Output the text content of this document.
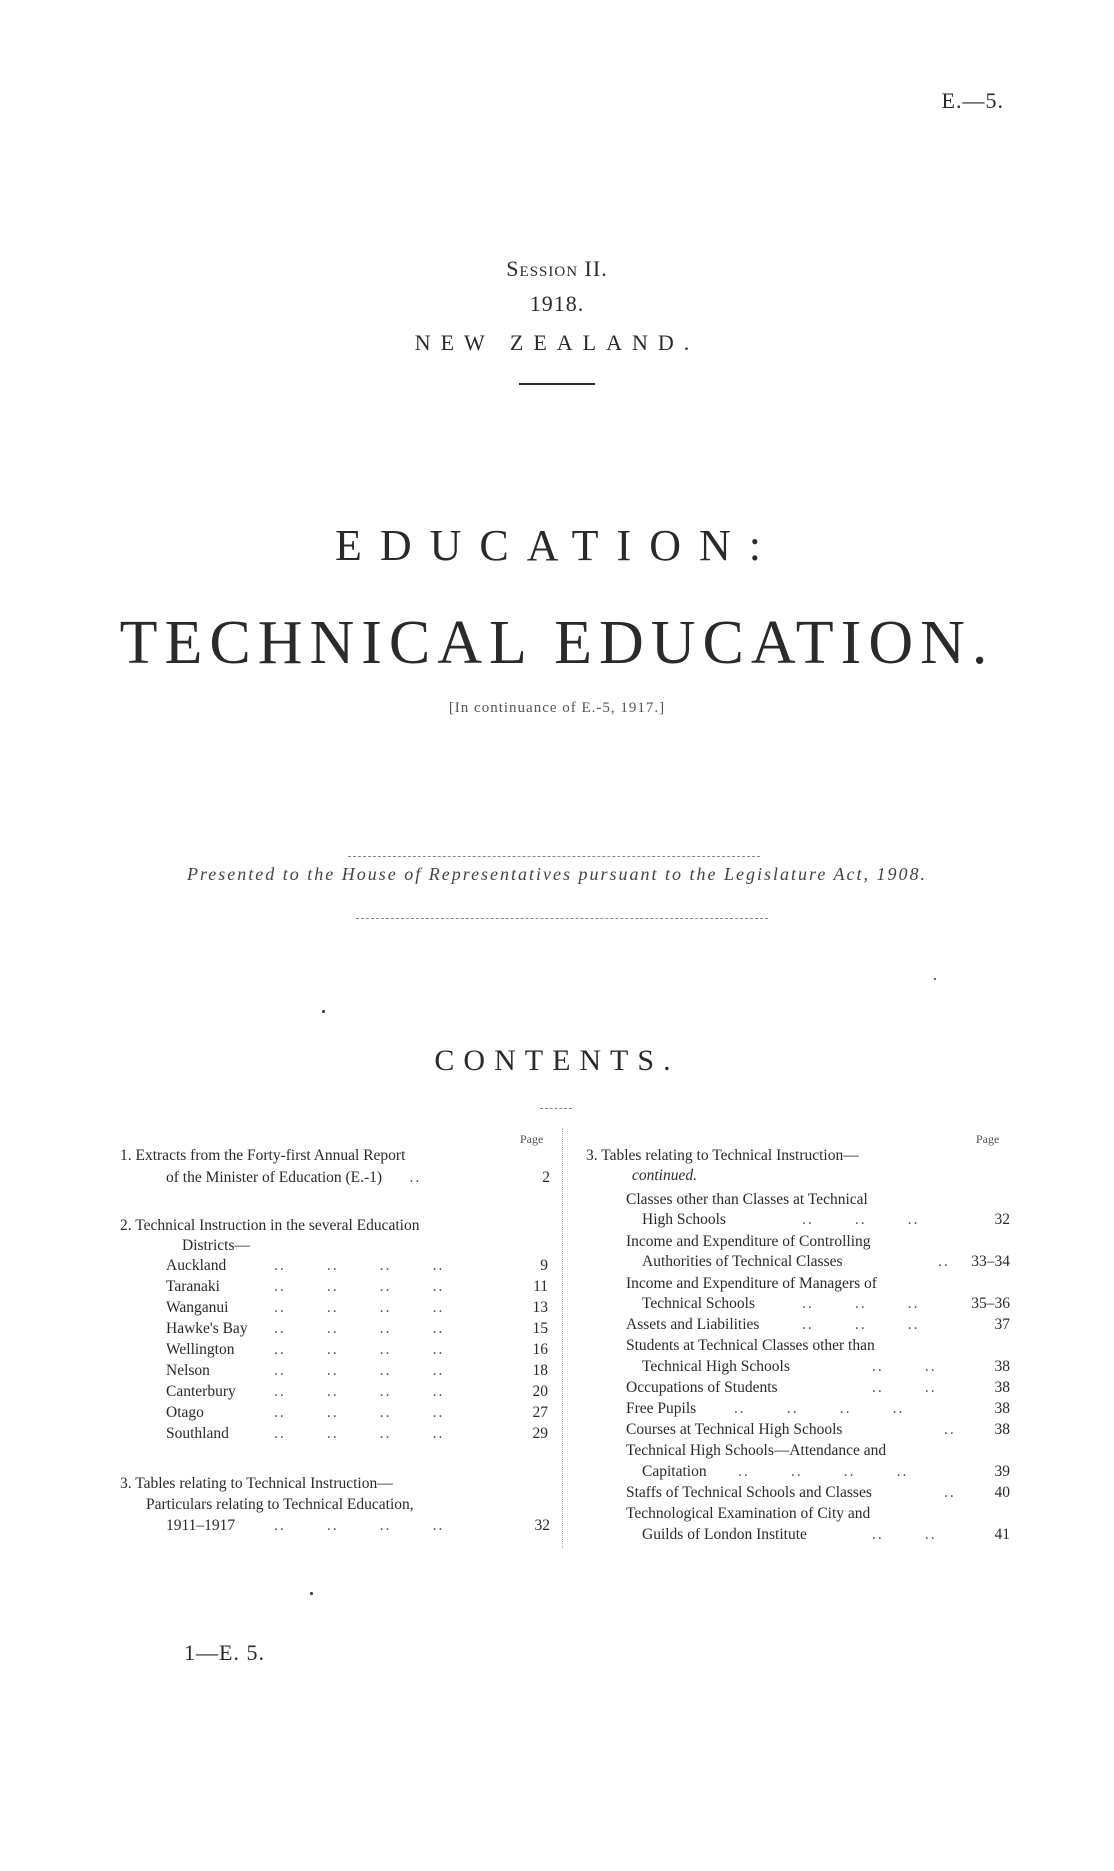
E.—5.
Session II.
1918.
NEW ZEALAND.
EDUCATION:
TECHNICAL EDUCATION.
[In continuance of E.-5, 1917.]
Presented to the House of Representatives pursuant to the Legislature Act, 1908.
CONTENTS.
Page
1. Extracts from the Forty-first Annual Report
of the Minister of Education (E.-1)     ..	2
2. Technical Instruction in the several Education
Districts—
Auckland	..       ..       ..       ..	9
Taranaki	..       ..       ..       ..	11
Wanganui	..       ..       ..       ..	13
Hawke's Bay ..       ..       ..       ..	15
Wellington	..       ..       ..       ..	16
Nelson	..       ..       ..       ..	18
Canterbury ..       ..       ..       ..	20
Otago	..       ..       ..       ..	27
Southland	..       ..       ..       ..	29
3. Tables relating to Technical Instruction—
Particulars relating to Technical Education,
1911–1917	..       ..       ..       ..	32
Page
3. Tables relating to Technical Instruction—
continued.
Classes other than Classes at Technical
High Schools	..       ..       ..	32
Income and Expenditure of Controlling
Authorities of Technical Classes	..	33–34
Income and Expenditure of Managers of
Technical Schools	..       ..       ..	35–36
Assets and Liabilities	..       ..       ..	37
Students at Technical Classes other than
Technical High Schools	..       ..	38
Occupations of Students	..       ..	38
Free Pupils ..       ..       ..       ..	38
Courses at Technical High Schools	..	38
Technical High Schools—Attendance and
Capitation ..       ..       ..       ..	39
Staffs of Technical Schools and Classes	..	40
Technological Examination of City and
Guilds of London Institute	..       ..	41
1—E. 5.
